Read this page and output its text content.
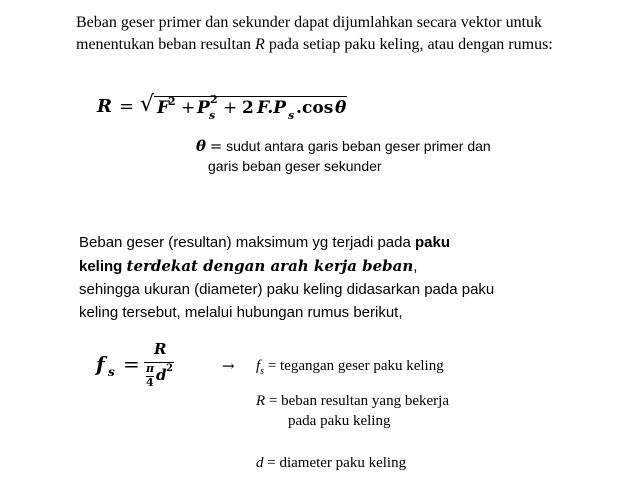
Beban geser primer dan sekunder dapat dijumlahkan secara vektor untuk
menentukan beban resultan R pada setiap paku keling, atau dengan rumus:
R = √ F
2 + P s
2 + 2 F.P s . cos θ
θ = sudut antara garis beban geser primer dan
garis beban geser sekunder
Beban geser (resultan) maksimum yg terjadi pada paku
keling terdekat dengan arah kerja beban,
sehingga ukuran (diameter) paku keling didasarkan pada paku
keling tersebut, melalui hubungan rumus berikut,
f s =
R
π
4 d 2	→ $f_s$ = tegangan geser paku keling
R = beban resultan yang bekerja
pada paku keling
d = diameter paku keling
